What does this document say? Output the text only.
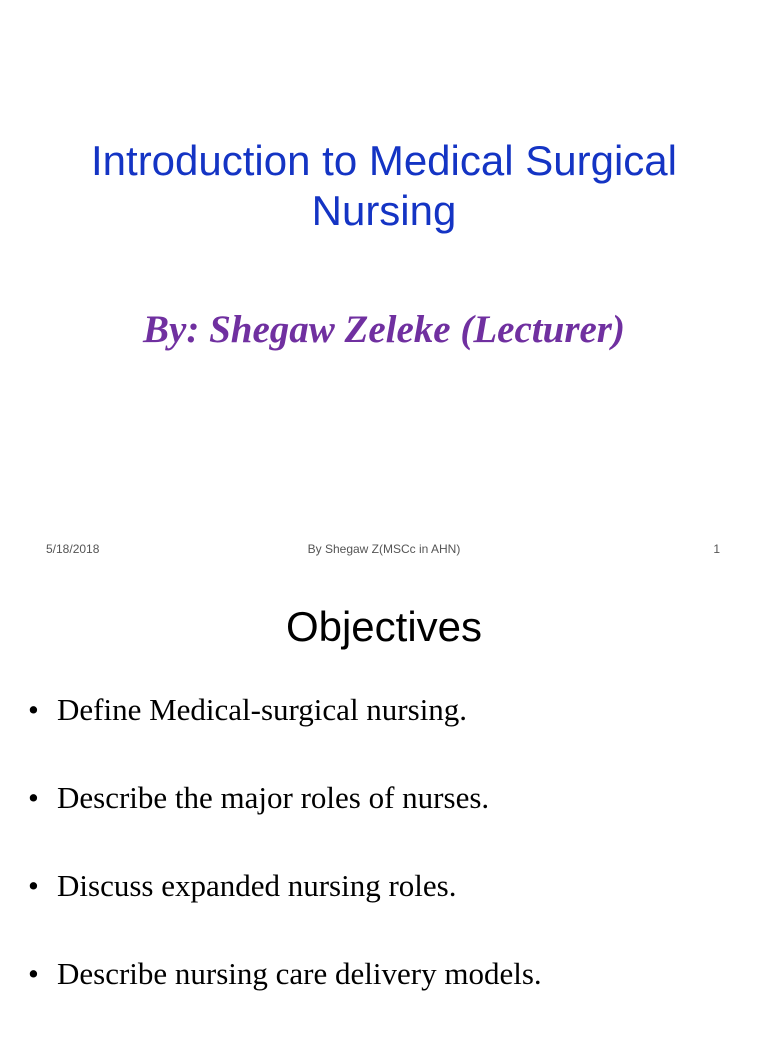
Introduction to Medical Surgical Nursing
By: Shegaw Zeleke (Lecturer)
5/18/2018	By Shegaw Z(MSCc in AHN)	1
Objectives
• Define Medical-surgical nursing.
• Describe the major roles of nurses.
• Discuss expanded nursing roles.
• Describe nursing care delivery models.
